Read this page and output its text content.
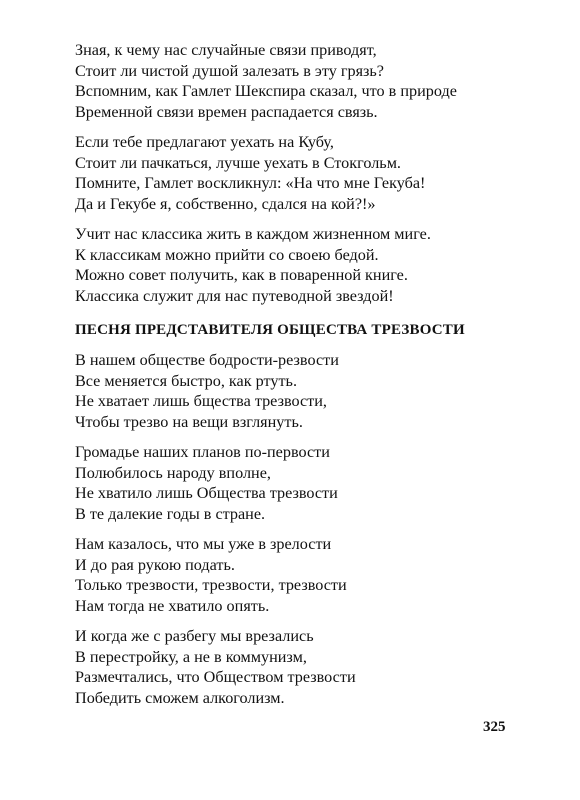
Зная, к чему нас случайные связи приводят,
Стоит ли чистой душой залезать в эту грязь?
Вспомним, как Гамлет Шекспира сказал, что в природе
Временной связи времен распадается связь.
Если тебе предлагают уехать на Кубу,
Стоит ли пачкаться, лучше уехать в Стокгольм.
Помните, Гамлет воскликнул: «На что мне Гекуба!
Да и Гекубе я, собственно, сдался на кой?!»
Учит нас классика жить в каждом жизненном миге.
К классикам можно прийти со своею бедой.
Можно совет получить, как в поваренной книге.
Классика служит для нас путеводной звездой!
ПЕСНЯ ПРЕДСТАВИТЕЛЯ ОБЩЕСТВА ТРЕЗВОСТИ
В нашем обществе бодрости-резвости
Все меняется быстро, как ртуть.
Не хватает лишь бщества трезвости,
Чтобы трезво на вещи взглянуть.
Громадье наших планов по-первости
Полюбилось народу вполне,
Не хватило лишь Общества трезвости
В те далекие годы в стране.
Нам казалось, что мы уже в зрелости
И до рая рукою подать.
Только трезвости, трезвости, трезвости
Нам тогда не хватило опять.
И когда же с разбегу мы врезались
В перестройку, а не в коммунизм,
Размечтались, что Обществом трезвости
Победить сможем алкоголизм.
325
